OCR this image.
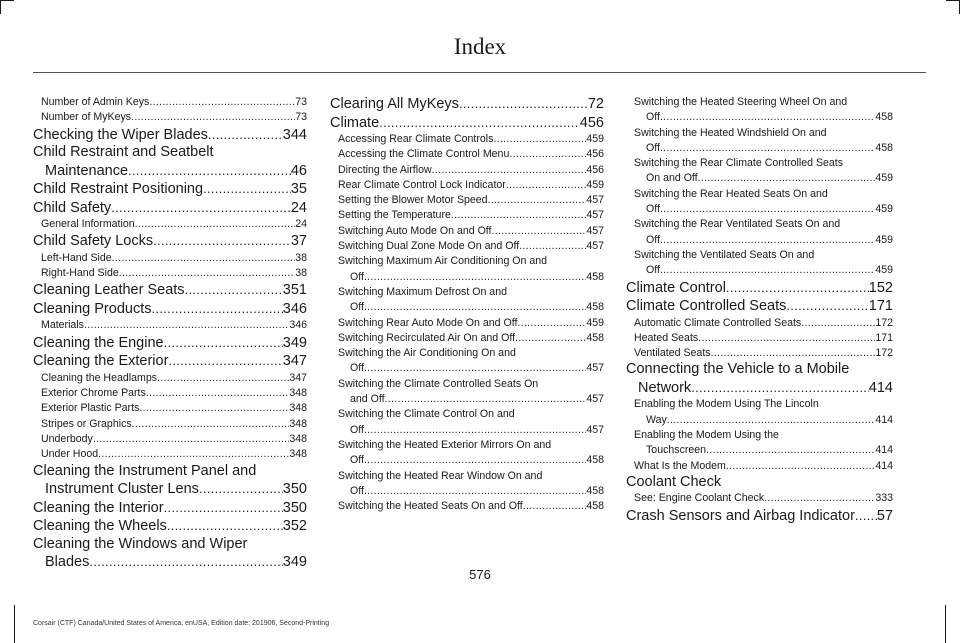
Index
Number of Admin Keys .....	73
Number of MyKeys .....	73
Checking the Wiper Blades .....	344
Child Restraint and Seatbelt
Maintenance .....	46
Child Restraint Positioning .....	35
Child Safety .....	24
General Information .....	24
Child Safety Locks .....	37
Left-Hand Side .....	38
Right-Hand Side .....	38
Cleaning Leather Seats .....	351
Cleaning Products .....	346
Materials .....	346
Cleaning the Engine .....	349
Cleaning the Exterior .....	347
Cleaning the Headlamps .....	347
Exterior Chrome Parts .....	348
Exterior Plastic Parts .....	348
Stripes or Graphics .....	348
Underbody .....	348
Under Hood .....	348
Cleaning the Instrument Panel and
Instrument Cluster Lens .....	350
Cleaning the Interior .....	350
Cleaning the Wheels .....	352
Cleaning the Windows and Wiper
Blades .....	349
Clearing All MyKeys .....	72
Climate .....	456
Accessing Rear Climate Controls .....	459
Accessing the Climate Control Menu .....	456
Directing the Airflow .....	456
Rear Climate Control Lock Indicator .....	459
Setting the Blower Motor Speed .....	457
Setting the Temperature .....	457
Switching Auto Mode On and Off .....	457
Switching Dual Zone Mode On and Off .....	457
Switching Maximum Air Conditioning On and
Off .....	458
Switching Maximum Defrost On and
Off .....	458
Switching Rear Auto Mode On and Off .....	459
Switching Recirculated Air On and Off .....	458
Switching the Air Conditioning On and
Off .....	457
Switching the Climate Controlled Seats On
and Off .....	457
Switching the Climate Control On and
Off .....	457
Switching the Heated Exterior Mirrors On and
Off .....	458
Switching the Heated Rear Window On and
Off .....	458
Switching the Heated Seats On and Off .....	458
Switching the Heated Steering Wheel On and
Off .....	458
Switching the Heated Windshield On and
Off .....	458
Switching the Rear Climate Controlled Seats
On and Off .....	459
Switching the Rear Heated Seats On and
Off .....	459
Switching the Rear Ventilated Seats On and
Off .....	459
Switching the Ventilated Seats On and
Off .....	459
Climate Control .....	152
Climate Controlled Seats .....	171
Automatic Climate Controlled Seats .....	172
Heated Seats .....	171
Ventilated Seats .....	172
Connecting the Vehicle to a Mobile
Network .....	414
Enabling the Modem Using The Lincoln
Way .....	414
Enabling the Modem Using the
Touchscreen .....	414
What Is the Modem .....	414
Coolant Check
See: Engine Coolant Check .....	333
Crash Sensors and Airbag Indicator ..... 57
576
Corsair (CTF) Canada/United States of America, enUSA, Edition date: 201906, Second-Printing
